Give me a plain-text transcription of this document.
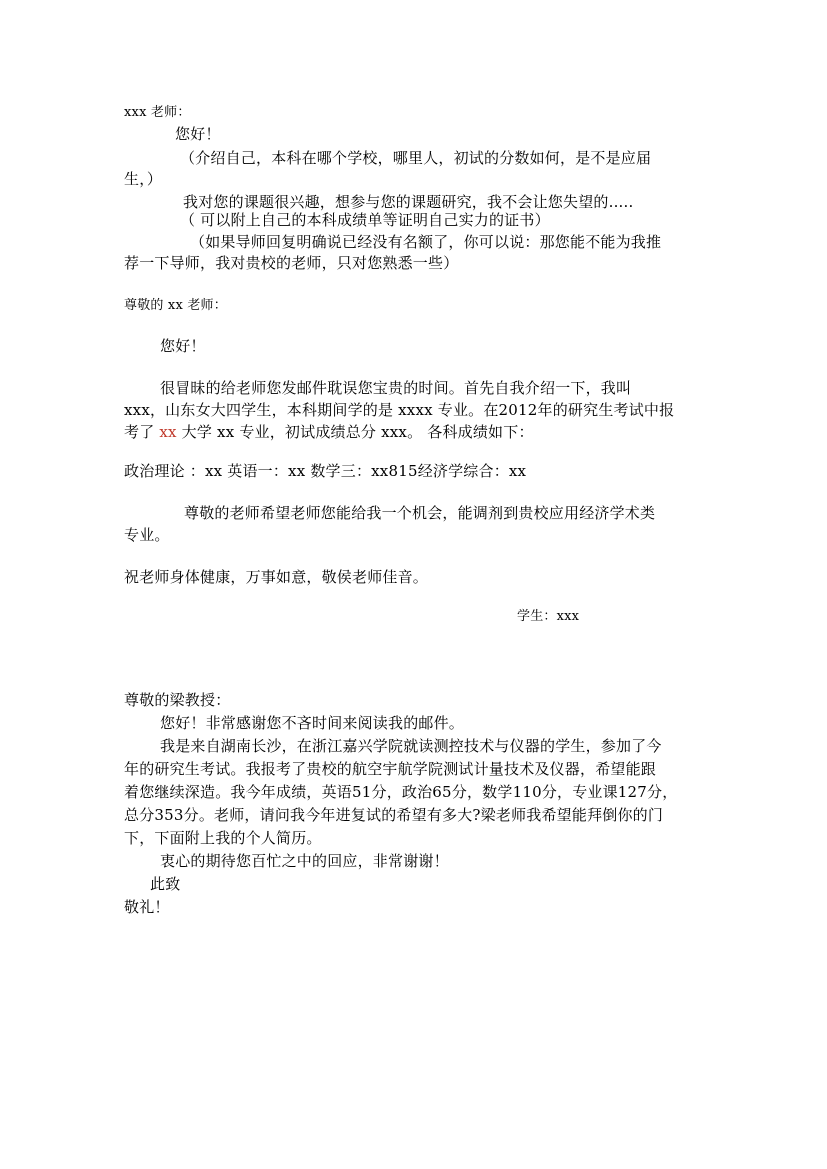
xxx 老师：
您好！
（介绍自己，本科在哪个学校，哪里人，初试的分数如何，是不是应届
生，）
我对您的课题很兴趣，想参与您的课题研究，我不会让您失望的.....
（ 可以附上自己的本科成绩单等证明自己实力的证书）
（如果导师回复明确说已经没有名额了，你可以说：那您能不能为我推
荐一下导师，我对贵校的老师，只对您熟悉一些）
尊敬的 xx 老师：
您好！
很冒昧的给老师您发邮件耽误您宝贵的时间。首先自我介绍一下，我叫
xxx，山东女大四学生，本科期间学的是 xxxx 专业。在2012年的研究生考试中报
考了 xx 大学 xx 专业，初试成绩总分 xxx。 各科成绩如下：
政治理论 ：xx 英语一：xx 数学三：xx815经济学综合：xx
尊敬的老师希望老师您能给我一个机会，能调剂到贵校应用经济学术类
专业。
祝老师身体健康，万事如意，敬侯老师佳音。
学生：xxx
尊敬的梁教授：
您好！非常感谢您不吝时间来阅读我的邮件。
我是来自湖南长沙，在浙江嘉兴学院就读测控技术与仪器的学生，参加了今
年的研究生考试。我报考了贵校的航空宇航学院测试计量技术及仪器，希望能跟
着您继续深造。我今年成绩，英语51分，政治65分，数学110分，专业课127分，
总分353分。老师，请问我今年进复试的希望有多大?梁老师我希望能拜倒你的门
下，下面附上我的个人简历。
衷心的期待您百忙之中的回应，非常谢谢！
此致
敬礼！
